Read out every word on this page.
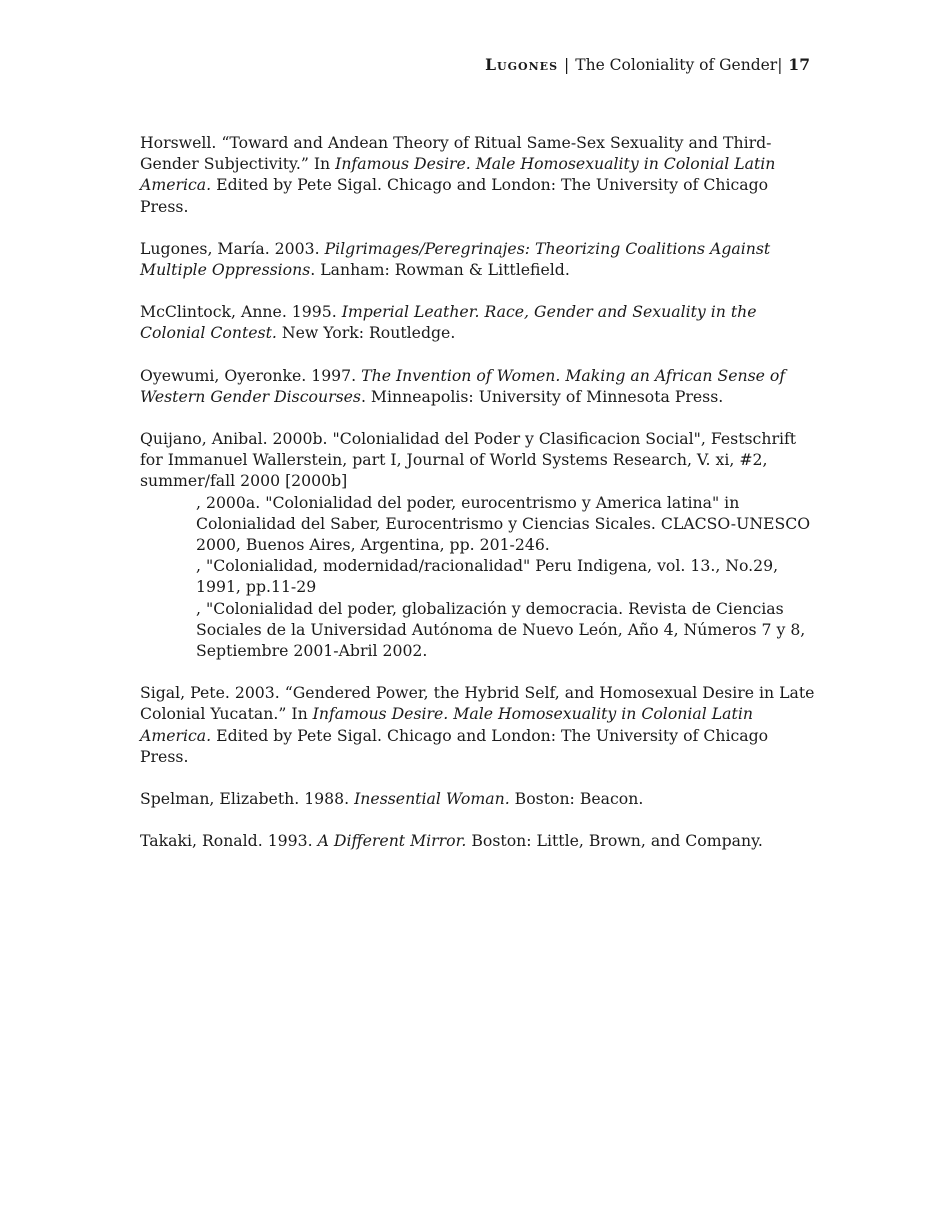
Lugones | The Coloniality of Gender| 17

Horswell. “Toward and Andean Theory of Ritual Same-Sex Sexuality and Third-Gender Subjectivity.” In Infamous Desire. Male Homosexuality in Colonial Latin America. Edited by Pete Sigal. Chicago and London: The University of Chicago Press.

Lugones, María. 2003. Pilgrimages/Peregrinajes: Theorizing Coalitions Against Multiple Oppressions. Lanham: Rowman & Littlefield.

McClintock, Anne. 1995. Imperial Leather. Race, Gender and Sexuality in the Colonial Contest. New York: Routledge.

Oyewumi, Oyeronke. 1997. The Invention of Women. Making an African Sense of Western Gender Discourses. Minneapolis: University of Minnesota Press.

Quijano, Anibal. 2000b. "Colonialidad del Poder y Clasificacion Social", Festschrift for Immanuel Wallerstein, part I, Journal of World Systems Research, V. xi, #2, summer/fall 2000 [2000b]

, 2000a. "Colonialidad del poder, eurocentrismo y America latina" in Colonialidad del Saber, Eurocentrismo y Ciencias Sicales. CLACSO-UNESCO 2000, Buenos Aires, Argentina, pp. 201-246.

, "Colonialidad, modernidad/racionalidad" Peru Indigena, vol. 13., No.29, 1991, pp.11-29

, "Colonialidad del poder, globalización y democracia. Revista de Ciencias Sociales de la Universidad Autónoma de Nuevo León, Año 4, Números 7 y 8, Septiembre 2001-Abril 2002.

Sigal, Pete. 2003. “Gendered Power, the Hybrid Self, and Homosexual Desire in Late Colonial Yucatan.” In Infamous Desire. Male Homosexuality in Colonial Latin America. Edited by Pete Sigal. Chicago and London: The University of Chicago Press.

Spelman, Elizabeth. 1988. Inessential Woman. Boston: Beacon.

Takaki, Ronald. 1993. A Different Mirror. Boston: Little, Brown, and Company.
